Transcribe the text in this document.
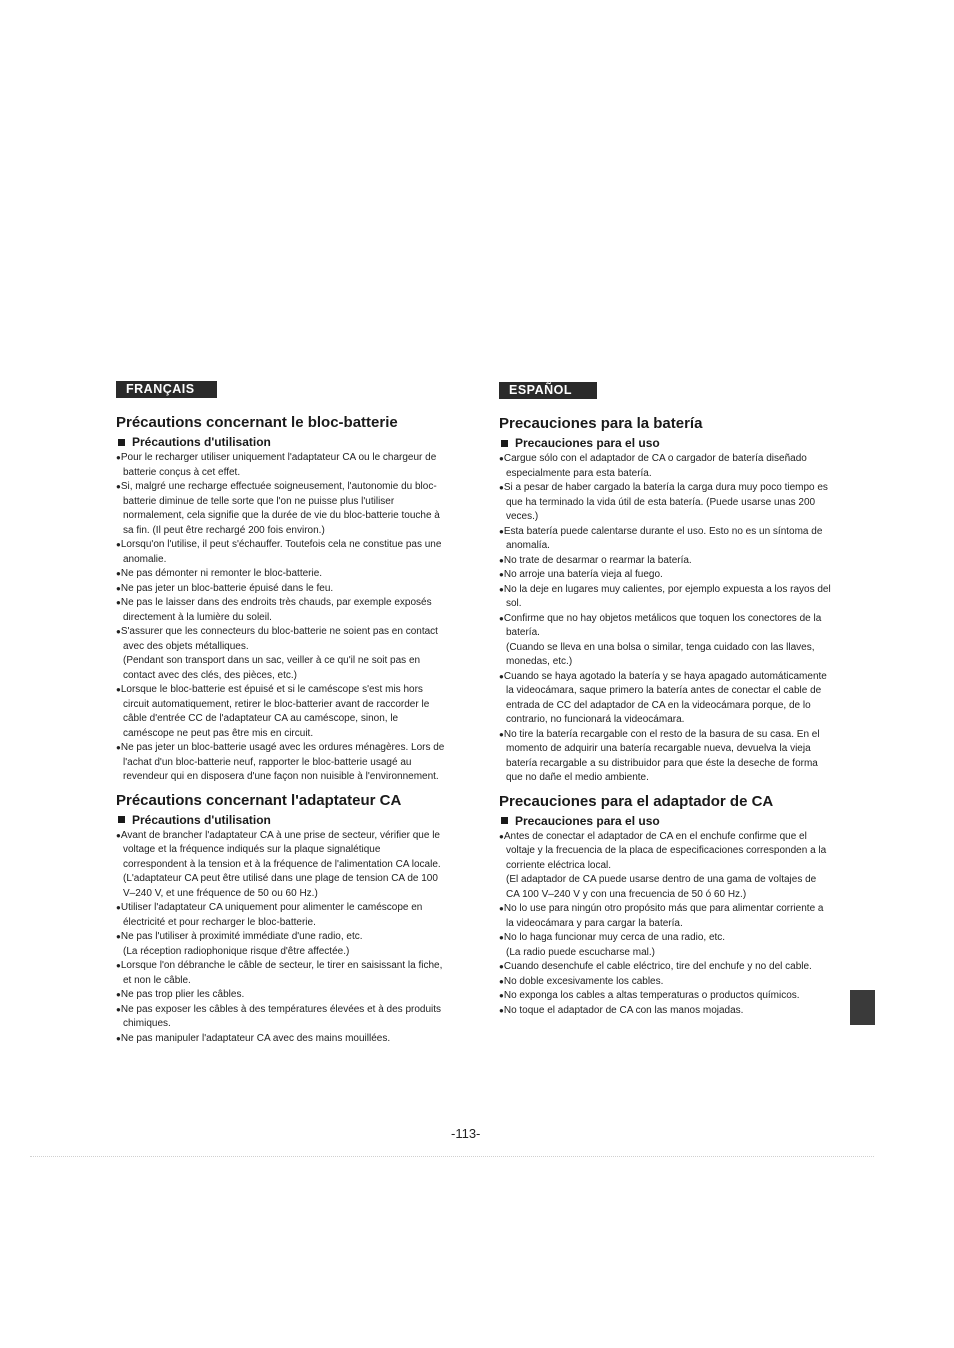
FRANÇAIS
Précautions concernant le bloc-batterie
Précautions d'utilisation
●Pour le recharger utiliser uniquement l'adaptateur CA ou le chargeur de batterie conçus à cet effet.
●Si, malgré une recharge effectuée soigneusement, l'autonomie du bloc-batterie diminue de telle sorte que l'on ne puisse plus l'utiliser normalement, cela signifie que la durée de vie du bloc-batterie touche à sa fin. (Il peut être rechargé 200 fois environ.)
●Lorsqu'on l'utilise, il peut s'échauffer. Toutefois cela ne constitue pas une anomalie.
●Ne pas démonter ni remonter le bloc-batterie.
●Ne pas jeter un bloc-batterie épuisé dans le feu.
●Ne pas le laisser dans des endroits très chauds, par exemple exposés directement à la lumière du soleil.
●S'assurer que les connecteurs du bloc-batterie ne soient pas en contact avec des objets métalliques.
(Pendant son transport dans un sac, veiller à ce qu'il ne soit pas en contact avec des clés, des pièces, etc.)
●Lorsque le bloc-batterie est épuisé et si le caméscope s'est mis hors circuit automatiquement, retirer le bloc-batterier avant de raccorder le câble d'entrée CC de l'adaptateur CA au caméscope, sinon, le caméscope ne peut pas être mis en circuit.
●Ne pas jeter un bloc-batterie usagé avec les ordures ménagères. Lors de l'achat d'un bloc-batterie neuf, rapporter le bloc-batterie usagé au revendeur qui en disposera d'une façon non nuisible à l'environnement.
Précautions concernant l'adaptateur CA
Précautions d'utilisation
●Avant de brancher l'adaptateur CA à une prise de secteur, vérifier que le voltage et la fréquence indiqués sur la plaque signalétique correspondent à la tension et à la fréquence de l'alimentation CA locale.
(L'adaptateur CA peut être utilisé dans une plage de tension CA de 100 V–240 V, et une fréquence de 50 ou 60 Hz.)
●Utiliser l'adaptateur CA uniquement pour alimenter le caméscope en électricité et pour recharger le bloc-batterie.
●Ne pas l'utiliser à proximité immédiate d'une radio, etc.
(La réception radiophonique risque d'être affectée.)
●Lorsque l'on débranche le câble de secteur, le tirer en saisissant la fiche, et non le câble.
●Ne pas trop plier les câbles.
●Ne pas exposer les câbles à des températures élevées et à des produits chimiques.
●Ne pas manipuler l'adaptateur CA avec des mains mouillées.
ESPAÑOL
Precauciones para la batería
Precauciones para el uso
●Cargue sólo con el adaptador de CA o cargador de batería diseñado especialmente para esta batería.
●Si a pesar de haber cargado la batería la carga dura muy poco tiempo es que ha terminado la vida útil de esta batería. (Puede usarse unas 200 veces.)
●Esta batería puede calentarse durante el uso. Esto no es un síntoma de anomalía.
●No trate de desarmar o rearmar la batería.
●No arroje una batería vieja al fuego.
●No la deje en lugares muy calientes, por ejemplo expuesta a los rayos del sol.
●Confirme que no hay objetos metálicos que toquen los conectores de la batería.
(Cuando se lleva en una bolsa o similar, tenga cuidado con las llaves, monedas, etc.)
●Cuando se haya agotado la batería y se haya apagado automáticamente la videocámara, saque primero la batería antes de conectar el cable de entrada de CC del adaptador de CA en la videocámara porque, de lo contrario, no funcionará la videocámara.
●No tire la batería recargable con el resto de la basura de su casa. En el momento de adquirir una batería recargable nueva, devuelva la vieja batería recargable a su distribuidor para que éste la deseche de forma que no dañe el medio ambiente.
Precauciones para el adaptador de CA
Precauciones para el uso
●Antes de conectar el adaptador de CA en el enchufe confirme que el voltaje y la frecuencia de la placa de especificaciones corresponden a la corriente eléctrica local.
(El adaptador de CA puede usarse dentro de una gama de voltajes de CA 100 V–240 V y con una frecuencia de 50 ó 60 Hz.)
●No lo use para ningún otro propósito más que para alimentar corriente a la videocámara y para cargar la batería.
●No lo haga funcionar muy cerca de una radio, etc.
(La radio puede escucharse mal.)
●Cuando desenchufe el cable eléctrico, tire del enchufe y no del cable.
●No doble excesivamente los cables.
●No exponga los cables a altas temperaturas o productos químicos.
●No toque el adaptador de CA con las manos mojadas.
-113-
